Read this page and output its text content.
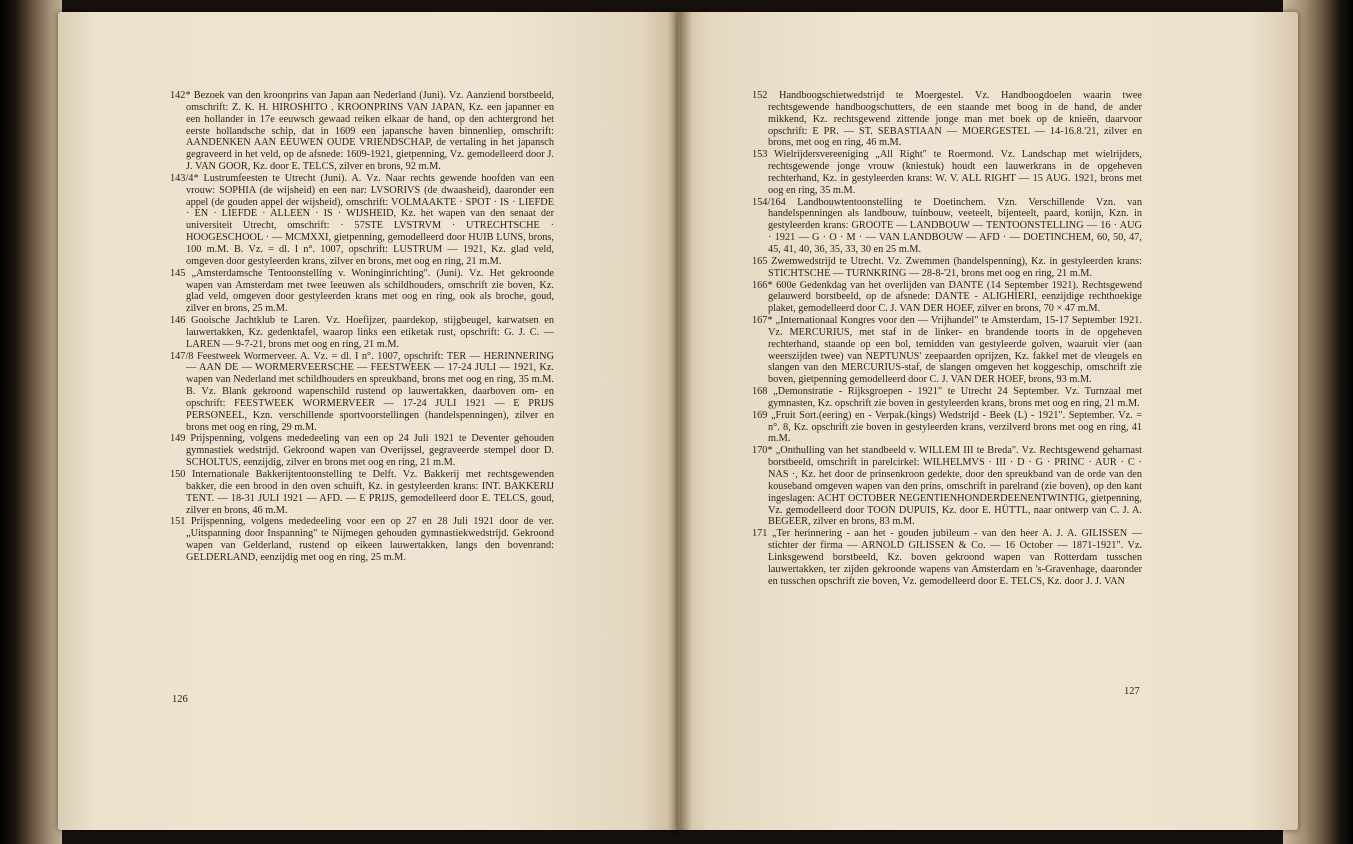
142* Bezoek van den kroonprins van Japan aan Nederland (Juni). Vz. Aanziend borstbeeld, omschrift: Z. K. H. HIROSHITO . KROONPRINS VAN JAPAN, Kz. een japanner en een hollander in 17e eeuwsch gewaad reiken elkaar de hand, op den achtergrond het eerste hollandsche schip, dat in 1609 een japansche haven binnenliep, omschrift: AANDENKEN AAN EEUWEN OUDE VRIENDSCHAP, de vertaling in het japansch gegraveerd in het veld, op de afsnede: 1609-1921, gietpenning, Vz. gemodelleerd door J. J. VAN GOOR, Kz. door E. TELCS, zilver en brons, 92 m.M.

143/4* Lustrumfeesten te Utrecht (Juni). A. Vz. Naar rechts gewende hoofden van een vrouw: SOPHIA (de wijsheid) en een nar: LVSORIVS (de dwaasheid), daaronder een appel (de gouden appel der wijsheid), omschrift: VOLMAAKTE · SPOT · IS · LIEFDE · EN · LIEFDE · ALLEEN · IS · WIJSHEID, Kz. het wapen van den senaat der universiteit Utrecht, omschrift: · 57STE LVSTRVM · UTRECHTSCHE · HOOGESCHOOL · — MCMXXI, gietpenning, gemodelleerd door HUIB LUNS, brons, 100 m.M. B. Vz. = dl. I n°. 1007, opschrift: LUSTRUM — 1921, Kz. glad veld, omgeven door gestyleerden krans, zilver en brons, met oog en ring, 21 m.M.

145 „Amsterdamsche Tentoonstelling v. Woninginrichting". (Juni). Vz. Het gekroonde wapen van Amsterdam met twee leeuwen als schildhouders, omschrift zie boven, Kz. glad veld, omgeven door gestyleerden krans met oog en ring, ook als broche, goud, zilver en brons, 25 m.M.

146 Gooische Jachtklub te Laren. Vz. Hoefijzer, paardekop, stijgbeugel, karwatsen en lauwertakken, Kz. gedenktafel, waarop links een etiketak rust, opschrift: G. J. C. — LAREN — 9-7-21, brons met oog en ring, 21 m.M.

147/8 Feestweek Wormerveer. A. Vz. = dl. I n°. 1007, opschrift: TER — HERINNERING — AAN DE — WORMERVEERSCHE — FEESTWEEK — 17-24 JULI — 1921, Kz. wapen van Nederland met schildhouders en spreukband, brons met oog en ring, 35 m.M. B. Vz. Blank gekroond wapenschild rustend op lauwertakken, daarboven om- en opschrift: FEESTWEEK WORMERVEER — 17-24 JULI 1921 — E PRIJS PERSONEEL, Kzn. verschillende sportvoorstellingen (handelspenningen), zilver en brons met oog en ring, 29 m.M.

149 Prijspenning, volgens mededeeling van een op 24 Juli 1921 te Deventer gehouden gymnastiek wedstrijd. Gekroond wapen van Overijssel, gegraveerde stempel door D. SCHOLTUS, eenzijdig, zilver en brons met oog en ring, 21 m.M.

150 Internationale Bakkerijtentoonstelling te Delft. Vz. Bakkerij met rechtsgewenden bakker, die een brood in den oven schuift, Kz. in gestyleerden krans: INT. BAKKERIJ TENT. — 18-31 JULI 1921 — AFD. — E PRIJS, gemodelleerd door E. TELCS, goud, zilver en brons, 46 m.M.

151 Prijspenning, volgens mededeeling voor een op 27 en 28 Juli 1921 door de ver. „Uitspanning door Inspanning" te Nijmegen gehouden gymnastiekwedstrijd. Gekroond wapen van Gelderland, rustend op eikeen lauwertakken, langs den bovenrand: GELDERLAND, eenzijdig met oog en ring, 25 m.M.

126

152 Handboogschietwedstrijd te Moergestel. Vz. Handboogdoelen waarin twee rechtsgewende handboogschutters, de een staande met boog in de hand, de ander mikkend, Kz. rechtsgewend zittende jonge man met boek op de knieën, daarvoor opschrift: E PR. — ST. SEBASTIAAN — MOERGESTEL — 14-16.8.'21, zilver en brons, met oog en ring, 46 m.M.

153 Wielrijdersvereeniging „All Right" te Roermond. Vz. Landschap met wielrijders, rechtsgewende jonge vrouw (kniestuk) houdt een lauwerkrans in de opgeheven rechterhand, Kz. in gestyleerden krans: W. V. ALL RIGHT — 15 AUG. 1921, brons met oog en ring, 35 m.M.

154/164 Landbouwtentoonstelling te Doetinchem. Vzn. Verschillende Vzn. van handelspenningen als landbouw, tuinbouw, veeteelt, bijenteelt, paard, konijn, Kzn. in gestyleerden krans: GROOTE — LANDBOUW — TENTOONSTELLING — 16 · AUG · 1921 — G · O · M · — VAN LANDBOUW — AFD · — DOETINCHEM, 60, 50, 47, 45, 41, 40, 36, 35, 33, 30 en 25 m.M.

165 Zwemwedstrijd te Utrecht. Vz. Zwemmen (handelspenning), Kz. in gestyleerden krans: STICHTSCHE — TURNKRING — 28-8-'21, brons met oog en ring, 21 m.M.

166* 600e Gedenkdag van het overlijden van DANTE (14 September 1921). Rechtsgewend gelauwerd borstbeeld, op de afsnede: DANTE - ALIGHIERI, eenzijdige rechthoekige plaket, gemodelleerd door C. J. VAN DER HOEF, zilver en brons, 70 × 47 m.M.

167* „Internationaal Kongres voor den — Vrijhandel" te Amsterdam, 15-17 September 1921. Vz. MERCURIUS, met staf in de linker- en brandende toorts in de opgeheven rechterhand, staande op een bol, temidden van gestyleerde golven, waaruit vier (aan weerszijden twee) van NEPTUNUS' zeepaarden oprijzen, Kz. fakkel met de vleugels en slangen van den MERCURIUS-staf, de slangen omgeven het koggeschip, omschrift zie boven, gietpenning gemodelleerd door C. J. VAN DER HOEF, brons, 93 m.M.

168 „Demonstratie - Rijksgroepen - 1921" te Utrecht 24 September. Vz. Turnzaal met gymnasten, Kz. opschrift zie boven in gestyleerden krans, brons met oog en ring, 21 m.M.

169 „Fruit Sort.(eering) en - Verpak.(kings) Wedstrijd - Beek (L) - 1921". September. Vz. = n°. 8, Kz. opschrift zie boven in gestyleerden krans, verzilverd brons met oog en ring, 41 m.M.

170* „Onthulling van het standbeeld v. WILLEM III te Breda". Vz. Rechtsgewend geharnast borstbeeld, omschrift in parelcirkel: WILHELMVS · III · D · G · PRINC · AUR · C · NAS ·, Kz. het door de prinsenkroon gedekte, door den spreukband van de orde van den kouseband omgeven wapen van den prins, omschrift in parelrand (zie boven), op den kant ingeslagen: ACHT OCTOBER NEGENTIENHONDERDEENENTWINTIG, gietpenning, Vz. gemodelleerd door TOON DUPUIS, Kz. door E. HÜTTL, naar ontwerp van C. J. A. BEGEER, zilver en brons, 83 m.M.

171 „Ter herinnering - aan het - gouden jubileum - van den heer A. J. A. GILISSEN — stichter der firma — ARNOLD GILISSEN & Co. — 16 October — 1871-1921". Vz. Linksgewend borstbeeld, Kz. boven gekroond wapen van Rotterdam tusschen lauwertakken, ter zijden gekroonde wapens van Amsterdam en 's-Gravenhage, daaronder en tusschen opschrift zie boven, Vz. gemodelleerd door E. TELCS, Kz. door J. J. VAN

127
